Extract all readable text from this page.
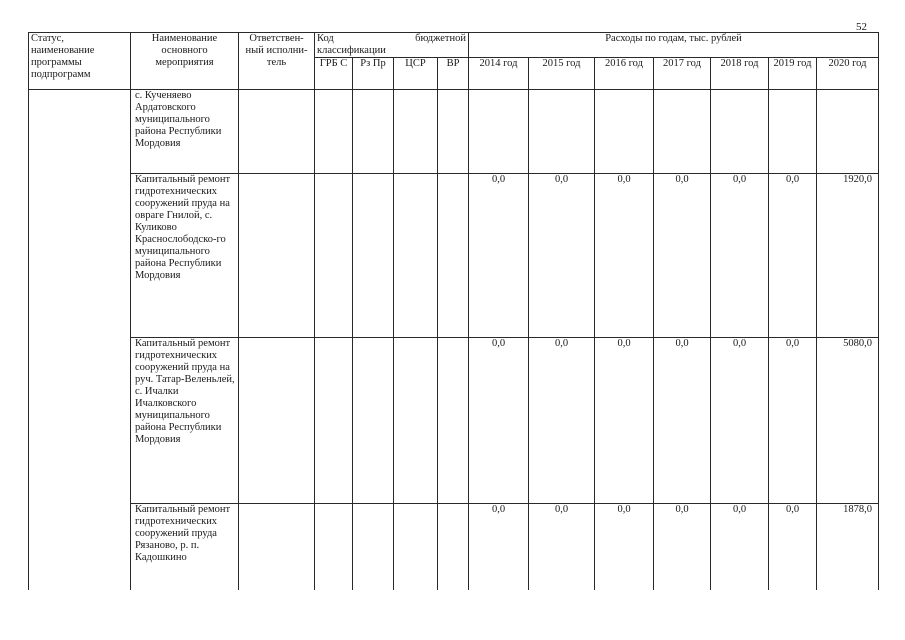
52
Статус, наименование программы подпрограмм	Наименование основного мероприятия	Ответствен-ный исполни-тель	Код бюджетной
классификации				Расходы по годам, тыс. рублей						
			ГРБ С	Рз Пр	ЦСР	ВР	2014 год	2015 год	2016 год	2017 год	2018 год	2019 год	2020 год
	с. Кученяево Ардатовского муниципального района Республики Мордовия												
	Капитальный ремонт гидротехнических сооружений пруда на овраге Гнилой, с. Куликово Краснослободско-го муниципального района Республики Мордовия						0,0	0,0	0,0	0,0	0,0	0,0	1920,0
	Капитальный ремонт гидротехнических сооружений пруда на руч. Татар-Веленьлей, с. Ичалки Ичалковского муниципального района Республики Мордовия						0,0	0,0	0,0	0,0	0,0	0,0	5080,0
	Капитальный ремонт гидротехнических сооружений пруда Рязаново, р. п. Кадошкино						0,0	0,0	0,0	0,0	0,0	0,0	1878,0
